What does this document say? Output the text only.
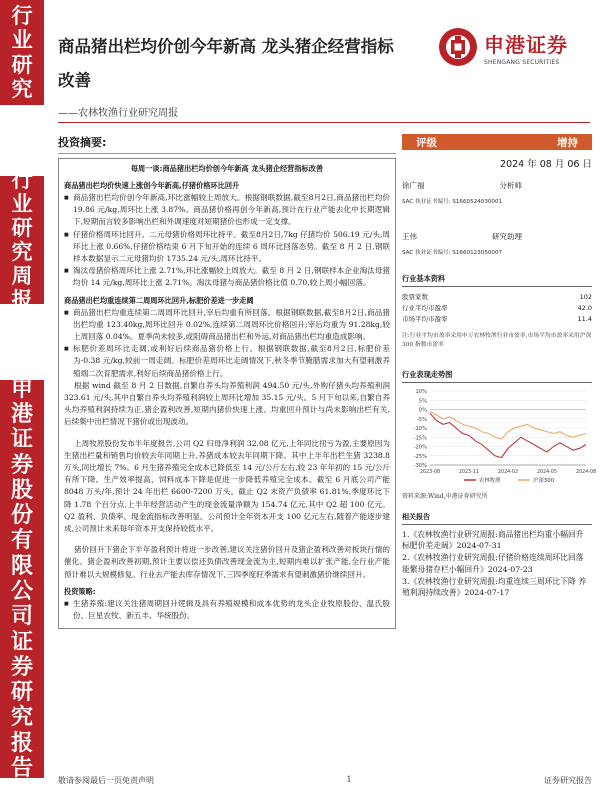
行
业
研
究
行
业
研
究
周
报
申
港
证
券
股
份
有
限
公
司
证
券
研
究
报
告
商品猪出栏均价创今年新高 龙头猪企经营指标改善
——农林牧渔行业研究周报
申港证券
SHENGANG SECURITIES
投资摘要:

每周一谈:商品猪出栏均价创今年新高 龙头猪企经营指标改善

商品猪出栏均价快速上涨创今年新高,仔猪价格环比回升

■ 商品猪出栏均价创今年新高,环比涨幅较上周放大。根据钢联数据,截至8月2日,商品猪出栏均价 19.86 元/kg,周环比上涨 3.87%。商品猪价格再创今年新高,预计在行业产能去化中长期逻辑下,短期而言较多影响出栏和外调速度对短期猪价也形成一定支撑。
■ 仔猪价格周环比回升。二元母猪价格周环比持平。截至8月2日,7kg 仔猪均价 506.19 元/头,周环比上涨 0.66%,仔猪价格结束 6 月下旬开始的连续 6 周环比回落态势。截至 8 月 2 日,钢联样本数据显示二元母猪均价 1735.24 元/头,周环比持平。
■ 淘汰母猪价格周环比上涨 2.71%,环比涨幅较上周放大。截至 8 月 2 日,钢联样本企业淘汰母猪均价 14 元/kg,周环比上涨 2.71%。淘汰母猪与商品猪价格比值 0.70,较上周小幅回落。

商品猪出栏均重连续第二周周环比回升,标肥价差进一步走阔

■ 商品猪出栏均重连续第二周周环比回升,宰后均重有所回落。根据钢联数据,截至8月2日,商品猪出栏均重 123.40kg,周环比回升 0.02%,连续第二周周环比价格回升;宰后均重为 91.28kg,较上周回落 0.04%。夏季尚未较多,或阻碍商品猪出栏和外运,对商品猪出栏均重造成影响。
■ 标肥价差周环比走阔,或利好后续商品猪价格上行。根据钢联数据,截至8月2日,标肥价差为-0.38 元/kg,较前一周走阔。标肥价差周环比走阔情况下,秋冬季节腌腊需求加大有望刺激养殖端二次育肥需求,利好后续商品猪价格上行。

根据 wind 截至 8 月 2 日数据,自繁自养头均养殖利润 494.50 元/头,外购仔猪头均养殖利润 323.61 元/头,其中自繁自养头均养殖利润较上周环比增加 35.15 元/头。5 月下旬以来,自繁自养头均养殖利润持续为正,猪企盈利改善,短期内猪价快速上涨、均重回升预计与尚未影响出栏有关,后续集中出栏情况下猪价或出现波动。

上周牧原股份发布半年度报告,公司 Q2 归母净利润 32.08 亿元,上年同比扭亏为盈,主要原因为生猪出栏量和销售均价较去年同期上升,养猪成本较去年同期下降。其中上半年出栏生猪 3238.8 万头,同比增长 7%。6 月生猪养殖完全成本已降低至 14 元/公斤左右,较 23 年年初的 15 元/公斤有所下降。生产效率提高、饲料成本下降是促进一步降低养殖完全成本。截至 6 月底公司产能 8048 万头/年,预计 24 年出栏 6600-7200 万头。截止 Q2 末资产负债率 61.81%,季度环比下降 1.78 个百分点,上半年经营活动产生的现金流量净额为 154.74 亿元,其中 Q2 超 100 亿元。Q2 盈利、负债率、现金流指标改善明显。公司预计全年资本开支 100 亿元左右,随着产能逐步建成,公司预计未来每年资本开支保持较低水平。

猪价回升下猪企下半年盈利预计将进一步改善,建议关注猪价回升及猪企盈利改善对板块行情的催化。猪企盈利改善初期,预计主要以偿还负债改善现金流为主,短期内难以扩张产能,全行业产能预计难以大规模修复。行业去产能去库存情况下,三四季度旺季需求有望刺激猪价继续回升。

投资策略:

■ 生猪养殖:建议关注猪周期回升逻辑及具有养殖规模和成本优势的龙头企业牧原股份、温氏股份、巨星农牧、新五丰、华统股份。
评级	增持
2024 年 08 月 06 日
徐广福	分析师
SAC 执业证书编号: S1660524030001
王伟	研究助理
SAC 执业证书编号: S1660123050007
行业基本资料
股票家数	102
行业平均市盈率	42.0
市场平均市盈率	11.4
注:行业平均市盈率采用申万农林牧渔行业市盈率,市场平均市盈率采用沪深 300 指数市盈率
行业表现走势图
10%
5%
0%
-5%
-10%
-15%
-20%
-25%
-30%
2023-08	2023-11	2024-02	2024-05	2024-08
农林牧渔	沪深300
资料来源:Wind,申港证券研究所
相关报告
1.《农林牧渔行业研究周报:商品猪出栏均重小幅回升 标肥价差走阔》2024-07-31
2.《农林牧渔行业研究周报:仔猪价格连续周环比回落 能繁母猪存栏小幅回升》2024-07-23
3.《农林牧渔行业研究周报:均重连续三周环比下降 养殖利润持续改善》2024-07-17
敬请参阅最后一页免责声明	1	证券研究报告
